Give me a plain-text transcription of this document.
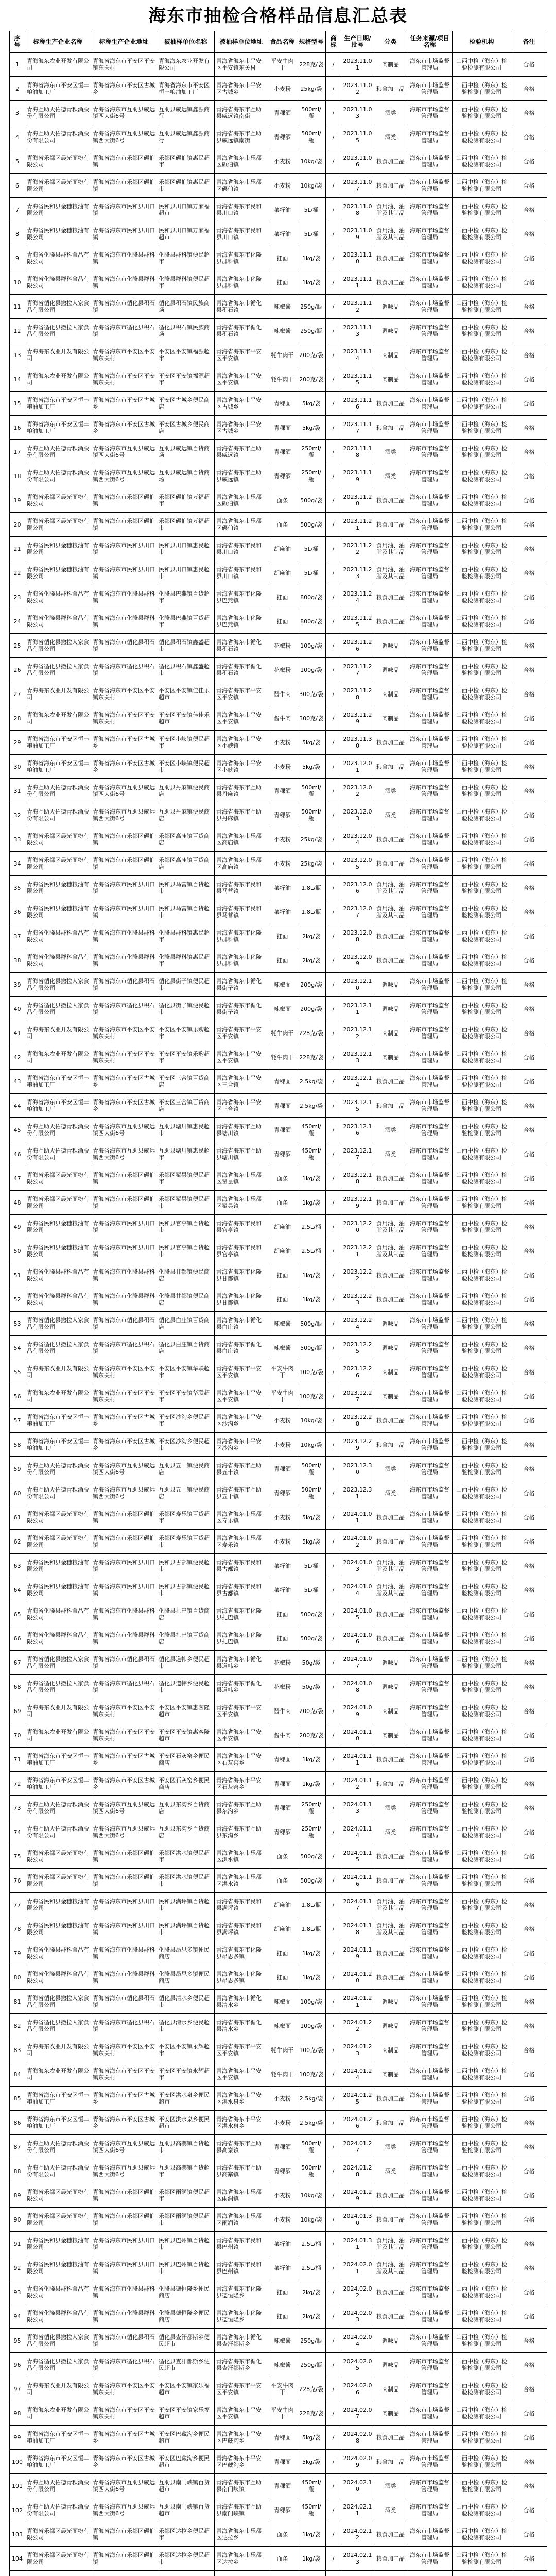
海东市抽检合格样品信息汇总表
序号	标称生产企业名称	标称生产企业地址	被抽样单位名称	被抽样单位地址	食品名称	规格型号	商标	生产日期/批号	分类	任务来源/项目名称	检验机构	备注
1	青海海东农业开发有限公司	青海省海东市平安区平安镇东关村	青海海东农业开发有限公司	青海省海东市平安区平安镇东关村	平安牛肉干	228克/袋	/	2023.11.01	肉制品	海东市市场监督管理局	山西中检（海东）检验检测有限公司	合格
2	青海省海东市平安区恒丰粮油加工厂	青海省海东市平安区古城乡	青海省海东市平安区恒丰粮油加工厂	青海省海东市平安区古城乡	小麦粉	25kg/袋	/	2023.11.02	粮食加工品	海东市市场监督管理局	山西中检（海东）检验检测有限公司	合格
3	青海互助天佑德青稞酒股份有限公司	青海省海东市互助县威远镇西大街6号	互助县威远镇鑫源商行	青海省海东市互助县威远镇南街	青稞酒	500ml/瓶	/	2023.11.03	酒类	海东市市场监督管理局	山西中检（海东）检验检测有限公司	合格
4	青海互助天佑德青稞酒股份有限公司	青海省海东市互助县威远镇西大街6号	互助县威远镇鑫源商行	青海省海东市互助县威远镇南街	青稞酒	500ml/瓶	/	2023.11.05	酒类	海东市市场监督管理局	山西中检（海东）检验检测有限公司	合格
5	青海省乐都区晨光面粉有限公司	青海省海东市乐都区碾伯镇	乐都区碾伯镇惠民超市	青海省海东市乐都区碾伯镇	小麦粉	10kg/袋	/	2023.11.06	粮食加工品	海东市市场监督管理局	山西中检（海东）检验检测有限公司	合格
6	青海省乐都区晨光面粉有限公司	青海省海东市乐都区碾伯镇	乐都区碾伯镇惠民超市	青海省海东市乐都区碾伯镇	小麦粉	10kg/袋	/	2023.11.07	粮食加工品	海东市市场监督管理局	山西中检（海东）检验检测有限公司	合格
7	青海省民和县金穗粮油有限公司	青海省海东市民和县川口镇	民和县川口镇万家福超市	青海省海东市民和县川口镇	菜籽油	5L/桶	/	2023.11.08	食用油、油脂及其制品	海东市市场监督管理局	山西中检（海东）检验检测有限公司	合格
8	青海省民和县金穗粮油有限公司	青海省海东市民和县川口镇	民和县川口镇万家福超市	青海省海东市民和县川口镇	菜籽油	5L/桶	/	2023.11.09	食用油、油脂及其制品	海东市市场监督管理局	山西中检（海东）检验检测有限公司	合格
9	青海省化隆县群科食品有限公司	青海省海东市化隆县群科镇	化隆县群科镇便民超市	青海省海东市化隆县群科镇	挂面	1kg/袋	/	2023.11.10	粮食加工品	海东市市场监督管理局	山西中检（海东）检验检测有限公司	合格
10	青海省化隆县群科食品有限公司	青海省海东市化隆县群科镇	化隆县群科镇便民超市	青海省海东市化隆县群科镇	挂面	1kg/袋	/	2023.11.11	粮食加工品	海东市市场监督管理局	山西中检（海东）检验检测有限公司	合格
11	青海省循化县撒拉人家食品有限公司	青海省海东市循化县积石镇	循化县积石镇民族商场	青海省海东市循化县积石镇	辣椒酱	250g/瓶	/	2023.11.12	调味品	海东市市场监督管理局	山西中检（海东）检验检测有限公司	合格
12	青海省循化县撒拉人家食品有限公司	青海省海东市循化县积石镇	循化县积石镇民族商场	青海省海东市循化县积石镇	辣椒酱	250g/瓶	/	2023.11.13	调味品	海东市市场监督管理局	山西中检（海东）检验检测有限公司	合格
13	青海海东农业开发有限公司	青海省海东市平安区平安镇东关村	平安区平安镇福源超市	青海省海东市平安区平安镇	牦牛肉干	200克/袋	/	2023.11.14	肉制品	海东市市场监督管理局	山西中检（海东）检验检测有限公司	合格
14	青海海东农业开发有限公司	青海省海东市平安区平安镇东关村	平安区平安镇福源超市	青海省海东市平安区平安镇	牦牛肉干	200克/袋	/	2023.11.15	肉制品	海东市市场监督管理局	山西中检（海东）检验检测有限公司	合格
15	青海省海东市平安区恒丰粮油加工厂	青海省海东市平安区古城乡	平安区古城乡便民商店	青海省海东市平安区古城乡	青稞面	5kg/袋	/	2023.11.16	粮食加工品	海东市市场监督管理局	山西中检（海东）检验检测有限公司	合格
16	青海省海东市平安区恒丰粮油加工厂	青海省海东市平安区古城乡	平安区古城乡便民商店	青海省海东市平安区古城乡	青稞面	5kg/袋	/	2023.11.17	粮食加工品	海东市市场监督管理局	山西中检（海东）检验检测有限公司	合格
17	青海互助天佑德青稞酒股份有限公司	青海省海东市互助县威远镇西大街6号	互助县威远镇百货商场	青海省海东市互助县威远镇	青稞酒	250ml/瓶	/	2023.11.18	酒类	海东市市场监督管理局	山西中检（海东）检验检测有限公司	合格
18	青海互助天佑德青稞酒股份有限公司	青海省海东市互助县威远镇西大街6号	互助县威远镇百货商场	青海省海东市互助县威远镇	青稞酒	250ml/瓶	/	2023.11.19	酒类	海东市市场监督管理局	山西中检（海东）检验检测有限公司	合格
19	青海省乐都区晨光面粉有限公司	青海省海东市乐都区碾伯镇	乐都区碾伯镇万福超市	青海省海东市乐都区碾伯镇	面条	500g/袋	/	2023.11.20	粮食加工品	海东市市场监督管理局	山西中检（海东）检验检测有限公司	合格
20	青海省乐都区晨光面粉有限公司	青海省海东市乐都区碾伯镇	乐都区碾伯镇万福超市	青海省海东市乐都区碾伯镇	面条	500g/袋	/	2023.11.21	粮食加工品	海东市市场监督管理局	山西中检（海东）检验检测有限公司	合格
21	青海省民和县金穗粮油有限公司	青海省海东市民和县川口镇	民和县川口镇惠民超市	青海省海东市民和县川口镇	胡麻油	5L/桶	/	2023.11.22	食用油、油脂及其制品	海东市市场监督管理局	山西中检（海东）检验检测有限公司	合格
22	青海省民和县金穗粮油有限公司	青海省海东市民和县川口镇	民和县川口镇惠民超市	青海省海东市民和县川口镇	胡麻油	5L/桶	/	2023.11.23	食用油、油脂及其制品	海东市市场监督管理局	山西中检（海东）检验检测有限公司	合格
23	青海省化隆县群科食品有限公司	青海省海东市化隆县群科镇	化隆县巴燕镇百货超市	青海省海东市化隆县巴燕镇	挂面	800g/袋	/	2023.11.24	粮食加工品	海东市市场监督管理局	山西中检（海东）检验检测有限公司	合格
24	青海省化隆县群科食品有限公司	青海省海东市化隆县群科镇	化隆县巴燕镇百货超市	青海省海东市化隆县巴燕镇	挂面	800g/袋	/	2023.11.25	粮食加工品	海东市市场监督管理局	山西中检（海东）检验检测有限公司	合格
25	青海省循化县撒拉人家食品有限公司	青海省海东市循化县积石镇	循化县积石镇鑫盛超市	青海省海东市循化县积石镇	花椒粉	100g/袋	/	2023.11.26	调味品	海东市市场监督管理局	山西中检（海东）检验检测有限公司	合格
26	青海省循化县撒拉人家食品有限公司	青海省海东市循化县积石镇	循化县积石镇鑫盛超市	青海省海东市循化县积石镇	花椒粉	100g/袋	/	2023.11.27	调味品	海东市市场监督管理局	山西中检（海东）检验检测有限公司	合格
27	青海海东农业开发有限公司	青海省海东市平安区平安镇东关村	平安区平安镇佳佳乐超市	青海省海东市平安区平安镇	酱牛肉	300克/袋	/	2023.11.28	肉制品	海东市市场监督管理局	山西中检（海东）检验检测有限公司	合格
28	青海海东农业开发有限公司	青海省海东市平安区平安镇东关村	平安区平安镇佳佳乐超市	青海省海东市平安区平安镇	酱牛肉	300克/袋	/	2023.11.29	肉制品	海东市市场监督管理局	山西中检（海东）检验检测有限公司	合格
29	青海省海东市平安区恒丰粮油加工厂	青海省海东市平安区古城乡	平安区小峡镇便民超市	青海省海东市平安区小峡镇	小麦粉	5kg/袋	/	2023.11.30	粮食加工品	海东市市场监督管理局	山西中检（海东）检验检测有限公司	合格
30	青海省海东市平安区恒丰粮油加工厂	青海省海东市平安区古城乡	平安区小峡镇便民超市	青海省海东市平安区小峡镇	小麦粉	5kg/袋	/	2023.12.01	粮食加工品	海东市市场监督管理局	山西中检（海东）检验检测有限公司	合格
31	青海互助天佑德青稞酒股份有限公司	青海省海东市互助县威远镇西大街6号	互助县丹麻镇便民商店	青海省海东市互助县丹麻镇	青稞酒	500ml/瓶	/	2023.12.02	酒类	海东市市场监督管理局	山西中检（海东）检验检测有限公司	合格
32	青海互助天佑德青稞酒股份有限公司	青海省海东市互助县威远镇西大街6号	互助县丹麻镇便民商店	青海省海东市互助县丹麻镇	青稞酒	500ml/瓶	/	2023.12.03	酒类	海东市市场监督管理局	山西中检（海东）检验检测有限公司	合格
33	青海省乐都区晨光面粉有限公司	青海省海东市乐都区碾伯镇	乐都区高庙镇百货商店	青海省海东市乐都区高庙镇	小麦粉	25kg/袋	/	2023.12.04	粮食加工品	海东市市场监督管理局	山西中检（海东）检验检测有限公司	合格
34	青海省乐都区晨光面粉有限公司	青海省海东市乐都区碾伯镇	乐都区高庙镇百货商店	青海省海东市乐都区高庙镇	小麦粉	25kg/袋	/	2023.12.05	粮食加工品	海东市市场监督管理局	山西中检（海东）检验检测有限公司	合格
35	青海省民和县金穗粮油有限公司	青海省海东市民和县川口镇	民和县马营镇百货超市	青海省海东市民和县马营镇	菜籽油	1.8L/瓶	/	2023.12.06	食用油、油脂及其制品	海东市市场监督管理局	山西中检（海东）检验检测有限公司	合格
36	青海省民和县金穗粮油有限公司	青海省海东市民和县川口镇	民和县马营镇百货超市	青海省海东市民和县马营镇	菜籽油	1.8L/瓶	/	2023.12.07	食用油、油脂及其制品	海东市市场监督管理局	山西中检（海东）检验检测有限公司	合格
37	青海省化隆县群科食品有限公司	青海省海东市化隆县群科镇	化隆县群科镇惠民超市	青海省海东市化隆县群科镇	挂面	2kg/袋	/	2023.12.08	粮食加工品	海东市市场监督管理局	山西中检（海东）检验检测有限公司	合格
38	青海省化隆县群科食品有限公司	青海省海东市化隆县群科镇	化隆县群科镇惠民超市	青海省海东市化隆县群科镇	挂面	2kg/袋	/	2023.12.09	粮食加工品	海东市市场监督管理局	山西中检（海东）检验检测有限公司	合格
39	青海省循化县撒拉人家食品有限公司	青海省海东市循化县积石镇	循化县街子镇便民超市	青海省海东市循化县街子镇	辣椒面	200g/袋	/	2023.12.10	调味品	海东市市场监督管理局	山西中检（海东）检验检测有限公司	合格
40	青海省循化县撒拉人家食品有限公司	青海省海东市循化县积石镇	循化县街子镇便民超市	青海省海东市循化县街子镇	辣椒面	200g/袋	/	2023.12.11	调味品	海东市市场监督管理局	山西中检（海东）检验检测有限公司	合格
41	青海海东农业开发有限公司	青海省海东市平安区平安镇东关村	平安区平安镇乐购超市	青海省海东市平安区平安镇	牦牛肉干	228克/袋	/	2023.12.12	肉制品	海东市市场监督管理局	山西中检（海东）检验检测有限公司	合格
42	青海海东农业开发有限公司	青海省海东市平安区平安镇东关村	平安区平安镇乐购超市	青海省海东市平安区平安镇	牦牛肉干	228克/袋	/	2023.12.13	肉制品	海东市市场监督管理局	山西中检（海东）检验检测有限公司	合格
43	青海省海东市平安区恒丰粮油加工厂	青海省海东市平安区古城乡	平安区三合镇百货商店	青海省海东市平安区三合镇	青稞面	2.5kg/袋	/	2023.12.14	粮食加工品	海东市市场监督管理局	山西中检（海东）检验检测有限公司	合格
44	青海省海东市平安区恒丰粮油加工厂	青海省海东市平安区古城乡	平安区三合镇百货商店	青海省海东市平安区三合镇	青稞面	2.5kg/袋	/	2023.12.15	粮食加工品	海东市市场监督管理局	山西中检（海东）检验检测有限公司	合格
45	青海互助天佑德青稞酒股份有限公司	青海省海东市互助县威远镇西大街6号	互助县塘川镇惠民超市	青海省海东市互助县塘川镇	青稞酒	450ml/瓶	/	2023.12.16	酒类	海东市市场监督管理局	山西中检（海东）检验检测有限公司	合格
46	青海互助天佑德青稞酒股份有限公司	青海省海东市互助县威远镇西大街6号	互助县塘川镇惠民超市	青海省海东市互助县塘川镇	青稞酒	450ml/瓶	/	2023.12.17	酒类	海东市市场监督管理局	山西中检（海东）检验检测有限公司	合格
47	青海省乐都区晨光面粉有限公司	青海省海东市乐都区碾伯镇	乐都区瞿昙镇便民超市	青海省海东市乐都区瞿昙镇	面条	1kg/袋	/	2023.12.18	粮食加工品	海东市市场监督管理局	山西中检（海东）检验检测有限公司	合格
48	青海省乐都区晨光面粉有限公司	青海省海东市乐都区碾伯镇	乐都区瞿昙镇便民超市	青海省海东市乐都区瞿昙镇	面条	1kg/袋	/	2023.12.19	粮食加工品	海东市市场监督管理局	山西中检（海东）检验检测有限公司	合格
49	青海省民和县金穗粮油有限公司	青海省海东市民和县川口镇	民和县官亭镇百货超市	青海省海东市民和县官亭镇	胡麻油	2.5L/桶	/	2023.12.20	食用油、油脂及其制品	海东市市场监督管理局	山西中检（海东）检验检测有限公司	合格
50	青海省民和县金穗粮油有限公司	青海省海东市民和县川口镇	民和县官亭镇百货超市	青海省海东市民和县官亭镇	胡麻油	2.5L/桶	/	2023.12.21	食用油、油脂及其制品	海东市市场监督管理局	山西中检（海东）检验检测有限公司	合格
51	青海省化隆县群科食品有限公司	青海省海东市化隆县群科镇	化隆县甘都镇便民商店	青海省海东市化隆县甘都镇	挂面	1kg/袋	/	2023.12.22	粮食加工品	海东市市场监督管理局	山西中检（海东）检验检测有限公司	合格
52	青海省化隆县群科食品有限公司	青海省海东市化隆县群科镇	化隆县甘都镇便民商店	青海省海东市化隆县甘都镇	挂面	1kg/袋	/	2023.12.23	粮食加工品	海东市市场监督管理局	山西中检（海东）检验检测有限公司	合格
53	青海省循化县撒拉人家食品有限公司	青海省海东市循化县积石镇	循化县白庄镇百货商店	青海省海东市循化县白庄镇	辣椒酱	500g/瓶	/	2023.12.24	调味品	海东市市场监督管理局	山西中检（海东）检验检测有限公司	合格
54	青海省循化县撒拉人家食品有限公司	青海省海东市循化县积石镇	循化县白庄镇百货商店	青海省海东市循化县白庄镇	辣椒酱	500g/瓶	/	2023.12.25	调味品	海东市市场监督管理局	山西中检（海东）检验检测有限公司	合格
55	青海海东农业开发有限公司	青海省海东市平安区平安镇东关村	平安区平安镇华联超市	青海省海东市平安区平安镇	平安牛肉干	100克/袋	/	2023.12.26	肉制品	海东市市场监督管理局	山西中检（海东）检验检测有限公司	合格
56	青海海东农业开发有限公司	青海省海东市平安区平安镇东关村	平安区平安镇华联超市	青海省海东市平安区平安镇	平安牛肉干	100克/袋	/	2023.12.27	肉制品	海东市市场监督管理局	山西中检（海东）检验检测有限公司	合格
57	青海省海东市平安区恒丰粮油加工厂	青海省海东市平安区古城乡	平安区沙沟乡便民超市	青海省海东市平安区沙沟乡	小麦粉	10kg/袋	/	2023.12.28	粮食加工品	海东市市场监督管理局	山西中检（海东）检验检测有限公司	合格
58	青海省海东市平安区恒丰粮油加工厂	青海省海东市平安区古城乡	平安区沙沟乡便民超市	青海省海东市平安区沙沟乡	小麦粉	10kg/袋	/	2023.12.29	粮食加工品	海东市市场监督管理局	山西中检（海东）检验检测有限公司	合格
59	青海互助天佑德青稞酒股份有限公司	青海省海东市互助县威远镇西大街6号	互助县五十镇便民商店	青海省海东市互助县五十镇	青稞酒	500ml/瓶	/	2023.12.30	酒类	海东市市场监督管理局	山西中检（海东）检验检测有限公司	合格
60	青海互助天佑德青稞酒股份有限公司	青海省海东市互助县威远镇西大街6号	互助县五十镇便民商店	青海省海东市互助县五十镇	青稞酒	500ml/瓶	/	2023.12.31	酒类	海东市市场监督管理局	山西中检（海东）检验检测有限公司	合格
61	青海省乐都区晨光面粉有限公司	青海省海东市乐都区碾伯镇	乐都区寿乐镇百货超市	青海省海东市乐都区寿乐镇	小麦粉	5kg/袋	/	2024.01.01	粮食加工品	海东市市场监督管理局	山西中检（海东）检验检测有限公司	合格
62	青海省乐都区晨光面粉有限公司	青海省海东市乐都区碾伯镇	乐都区寿乐镇百货超市	青海省海东市乐都区寿乐镇	小麦粉	5kg/袋	/	2024.01.02	粮食加工品	海东市市场监督管理局	山西中检（海东）检验检测有限公司	合格
63	青海省民和县金穗粮油有限公司	青海省海东市民和县川口镇	民和县古鄯镇便民超市	青海省海东市民和县古鄯镇	菜籽油	5L/桶	/	2024.01.03	食用油、油脂及其制品	海东市市场监督管理局	山西中检（海东）检验检测有限公司	合格
64	青海省民和县金穗粮油有限公司	青海省海东市民和县川口镇	民和县古鄯镇便民超市	青海省海东市民和县古鄯镇	菜籽油	5L/桶	/	2024.01.04	食用油、油脂及其制品	海东市市场监督管理局	山西中检（海东）检验检测有限公司	合格
65	青海省化隆县群科食品有限公司	青海省海东市化隆县群科镇	化隆县扎巴镇百货商店	青海省海东市化隆县扎巴镇	挂面	500g/袋	/	2024.01.05	粮食加工品	海东市市场监督管理局	山西中检（海东）检验检测有限公司	合格
66	青海省化隆县群科食品有限公司	青海省海东市化隆县群科镇	化隆县扎巴镇百货商店	青海省海东市化隆县扎巴镇	挂面	500g/袋	/	2024.01.06	粮食加工品	海东市市场监督管理局	山西中检（海东）检验检测有限公司	合格
67	青海省循化县撒拉人家食品有限公司	青海省海东市循化县积石镇	循化县道帏乡便民超市	青海省海东市循化县道帏乡	花椒粉	50g/袋	/	2024.01.07	调味品	海东市市场监督管理局	山西中检（海东）检验检测有限公司	合格
68	青海省循化县撒拉人家食品有限公司	青海省海东市循化县积石镇	循化县道帏乡便民超市	青海省海东市循化县道帏乡	花椒粉	50g/袋	/	2024.01.08	调味品	海东市市场监督管理局	山西中检（海东）检验检测有限公司	合格
69	青海海东农业开发有限公司	青海省海东市平安区平安镇东关村	平安区平安镇惠客隆超市	青海省海东市平安区平安镇	酱牛肉	200克/袋	/	2024.01.09	肉制品	海东市市场监督管理局	山西中检（海东）检验检测有限公司	合格
70	青海海东农业开发有限公司	青海省海东市平安区平安镇东关村	平安区平安镇惠客隆超市	青海省海东市平安区平安镇	酱牛肉	200克/袋	/	2024.01.10	肉制品	海东市市场监督管理局	山西中检（海东）检验检测有限公司	合格
71	青海省海东市平安区恒丰粮油加工厂	青海省海东市平安区古城乡	平安区石灰窑乡便民商店	青海省海东市平安区石灰窑乡	青稞面	1kg/袋	/	2024.01.11	粮食加工品	海东市市场监督管理局	山西中检（海东）检验检测有限公司	合格
72	青海省海东市平安区恒丰粮油加工厂	青海省海东市平安区古城乡	平安区石灰窑乡便民商店	青海省海东市平安区石灰窑乡	青稞面	1kg/袋	/	2024.01.12	粮食加工品	海东市市场监督管理局	山西中检（海东）检验检测有限公司	合格
73	青海互助天佑德青稞酒股份有限公司	青海省海东市互助县威远镇西大街6号	互助县东沟乡百货商店	青海省海东市互助县东沟乡	青稞酒	250ml/瓶	/	2024.01.13	酒类	海东市市场监督管理局	山西中检（海东）检验检测有限公司	合格
74	青海互助天佑德青稞酒股份有限公司	青海省海东市互助县威远镇西大街6号	互助县东沟乡百货商店	青海省海东市互助县东沟乡	青稞酒	250ml/瓶	/	2024.01.14	酒类	海东市市场监督管理局	山西中检（海东）检验检测有限公司	合格
75	青海省乐都区晨光面粉有限公司	青海省海东市乐都区碾伯镇	乐都区洪水镇便民超市	青海省海东市乐都区洪水镇	面条	500g/袋	/	2024.01.15	粮食加工品	海东市市场监督管理局	山西中检（海东）检验检测有限公司	合格
76	青海省乐都区晨光面粉有限公司	青海省海东市乐都区碾伯镇	乐都区洪水镇便民超市	青海省海东市乐都区洪水镇	面条	500g/袋	/	2024.01.16	粮食加工品	海东市市场监督管理局	山西中检（海东）检验检测有限公司	合格
77	青海省民和县金穗粮油有限公司	青海省海东市民和县川口镇	民和县满坪镇百货超市	青海省海东市民和县满坪镇	胡麻油	1.8L/瓶	/	2024.01.17	食用油、油脂及其制品	海东市市场监督管理局	山西中检（海东）检验检测有限公司	合格
78	青海省民和县金穗粮油有限公司	青海省海东市民和县川口镇	民和县满坪镇百货超市	青海省海东市民和县满坪镇	胡麻油	1.8L/瓶	/	2024.01.18	食用油、油脂及其制品	海东市市场监督管理局	山西中检（海东）检验检测有限公司	合格
79	青海省化隆县群科食品有限公司	青海省海东市化隆县群科镇	化隆县昂思多镇便民商店	青海省海东市化隆县昂思多镇	挂面	1kg/袋	/	2024.01.19	粮食加工品	海东市市场监督管理局	山西中检（海东）检验检测有限公司	合格
80	青海省化隆县群科食品有限公司	青海省海东市化隆县群科镇	化隆县昂思多镇便民商店	青海省海东市化隆县昂思多镇	挂面	1kg/袋	/	2024.01.20	粮食加工品	海东市市场监督管理局	山西中检（海东）检验检测有限公司	合格
81	青海省循化县撒拉人家食品有限公司	青海省海东市循化县积石镇	循化县清水乡便民超市	青海省海东市循化县清水乡	辣椒面	100g/袋	/	2024.01.21	调味品	海东市市场监督管理局	山西中检（海东）检验检测有限公司	合格
82	青海省循化县撒拉人家食品有限公司	青海省海东市循化县积石镇	循化县清水乡便民超市	青海省海东市循化县清水乡	辣椒面	100g/袋	/	2024.01.22	调味品	海东市市场监督管理局	山西中检（海东）检验检测有限公司	合格
83	青海海东农业开发有限公司	青海省海东市平安区平安镇东关村	平安区平安镇永辉超市	青海省海东市平安区平安镇	牦牛肉干	100克/袋	/	2024.01.23	肉制品	海东市市场监督管理局	山西中检（海东）检验检测有限公司	合格
84	青海海东农业开发有限公司	青海省海东市平安区平安镇东关村	平安区平安镇永辉超市	青海省海东市平安区平安镇	牦牛肉干	100克/袋	/	2024.01.24	肉制品	海东市市场监督管理局	山西中检（海东）检验检测有限公司	合格
85	青海省海东市平安区恒丰粮油加工厂	青海省海东市平安区古城乡	平安区洪水泉乡便民超市	青海省海东市平安区洪水泉乡	小麦粉	2.5kg/袋	/	2024.01.25	粮食加工品	海东市市场监督管理局	山西中检（海东）检验检测有限公司	合格
86	青海省海东市平安区恒丰粮油加工厂	青海省海东市平安区古城乡	平安区洪水泉乡便民超市	青海省海东市平安区洪水泉乡	小麦粉	2.5kg/袋	/	2024.01.26	粮食加工品	海东市市场监督管理局	山西中检（海东）检验检测有限公司	合格
87	青海互助天佑德青稞酒股份有限公司	青海省海东市互助县威远镇西大街6号	互助县高寨镇百货超市	青海省海东市互助县高寨镇	青稞酒	500ml/瓶	/	2024.01.27	酒类	海东市市场监督管理局	山西中检（海东）检验检测有限公司	合格
88	青海互助天佑德青稞酒股份有限公司	青海省海东市互助县威远镇西大街6号	互助县高寨镇百货超市	青海省海东市互助县高寨镇	青稞酒	500ml/瓶	/	2024.01.28	酒类	海东市市场监督管理局	山西中检（海东）检验检测有限公司	合格
89	青海省乐都区晨光面粉有限公司	青海省海东市乐都区碾伯镇	乐都区雨润镇便民超市	青海省海东市乐都区雨润镇	小麦粉	10kg/袋	/	2024.01.29	粮食加工品	海东市市场监督管理局	山西中检（海东）检验检测有限公司	合格
90	青海省乐都区晨光面粉有限公司	青海省海东市乐都区碾伯镇	乐都区雨润镇便民超市	青海省海东市乐都区雨润镇	小麦粉	10kg/袋	/	2024.01.30	粮食加工品	海东市市场监督管理局	山西中检（海东）检验检测有限公司	合格
91	青海省民和县金穗粮油有限公司	青海省海东市民和县川口镇	民和县巴州镇百货超市	青海省海东市民和县巴州镇	菜籽油	2.5L/桶	/	2024.01.31	食用油、油脂及其制品	海东市市场监督管理局	山西中检（海东）检验检测有限公司	合格
92	青海省民和县金穗粮油有限公司	青海省海东市民和县川口镇	民和县巴州镇百货超市	青海省海东市民和县巴州镇	菜籽油	2.5L/桶	/	2024.02.01	食用油、油脂及其制品	海东市市场监督管理局	山西中检（海东）检验检测有限公司	合格
93	青海省化隆县群科食品有限公司	青海省海东市化隆县群科镇	化隆县德恒隆乡便民商店	青海省海东市化隆县德恒隆乡	挂面	2kg/袋	/	2024.02.02	粮食加工品	海东市市场监督管理局	山西中检（海东）检验检测有限公司	合格
94	青海省化隆县群科食品有限公司	青海省海东市化隆县群科镇	化隆县德恒隆乡便民商店	青海省海东市化隆县德恒隆乡	挂面	2kg/袋	/	2024.02.03	粮食加工品	海东市市场监督管理局	山西中检（海东）检验检测有限公司	合格
95	青海省循化县撒拉人家食品有限公司	青海省海东市循化县积石镇	循化县查汗都斯乡便民超市	青海省海东市循化县查汗都斯乡	辣椒酱	250g/瓶	/	2024.02.04	调味品	海东市市场监督管理局	山西中检（海东）检验检测有限公司	合格
96	青海省循化县撒拉人家食品有限公司	青海省海东市循化县积石镇	循化县查汗都斯乡便民超市	青海省海东市循化县查汗都斯乡	辣椒酱	250g/瓶	/	2024.02.05	调味品	海东市市场监督管理局	山西中检（海东）检验检测有限公司	合格
97	青海海东农业开发有限公司	青海省海东市平安区平安镇东关村	平安区平安镇家乐福超市	青海省海东市平安区平安镇	平安牛肉干	228克/袋	/	2024.02.06	肉制品	海东市市场监督管理局	山西中检（海东）检验检测有限公司	合格
98	青海海东农业开发有限公司	青海省海东市平安区平安镇东关村	平安区平安镇家乐福超市	青海省海东市平安区平安镇	平安牛肉干	228克/袋	/	2024.02.07	肉制品	海东市市场监督管理局	山西中检（海东）检验检测有限公司	合格
99	青海省海东市平安区恒丰粮油加工厂	青海省海东市平安区古城乡	平安区巴藏沟乡便民超市	青海省海东市平安区巴藏沟乡	青稞面	5kg/袋	/	2024.02.08	粮食加工品	海东市市场监督管理局	山西中检（海东）检验检测有限公司	合格
100	青海省海东市平安区恒丰粮油加工厂	青海省海东市平安区古城乡	平安区巴藏沟乡便民超市	青海省海东市平安区巴藏沟乡	青稞面	5kg/袋	/	2024.02.09	粮食加工品	海东市市场监督管理局	山西中检（海东）检验检测有限公司	合格
101	青海互助天佑德青稞酒股份有限公司	青海省海东市互助县威远镇西大街6号	互助县南门峡镇百货超市	青海省海东市互助县南门峡镇	青稞酒	450ml/瓶	/	2024.02.10	酒类	海东市市场监督管理局	山西中检（海东）检验检测有限公司	合格
102	青海互助天佑德青稞酒股份有限公司	青海省海东市互助县威远镇西大街6号	互助县南门峡镇百货超市	青海省海东市互助县南门峡镇	青稞酒	450ml/瓶	/	2024.02.11	酒类	海东市市场监督管理局	山西中检（海东）检验检测有限公司	合格
103	青海省乐都区晨光面粉有限公司	青海省海东市乐都区碾伯镇	乐都区达拉乡便民超市	青海省海东市乐都区达拉乡	面条	1kg/袋	/	2024.02.12	粮食加工品	海东市市场监督管理局	山西中检（海东）检验检测有限公司	合格
104	青海省乐都区晨光面粉有限公司	青海省海东市乐都区碾伯镇	乐都区达拉乡便民超市	青海省海东市乐都区达拉乡	面条	1kg/袋	/	2024.02.13	粮食加工品	海东市市场监督管理局	山西中检（海东）检验检测有限公司	合格
